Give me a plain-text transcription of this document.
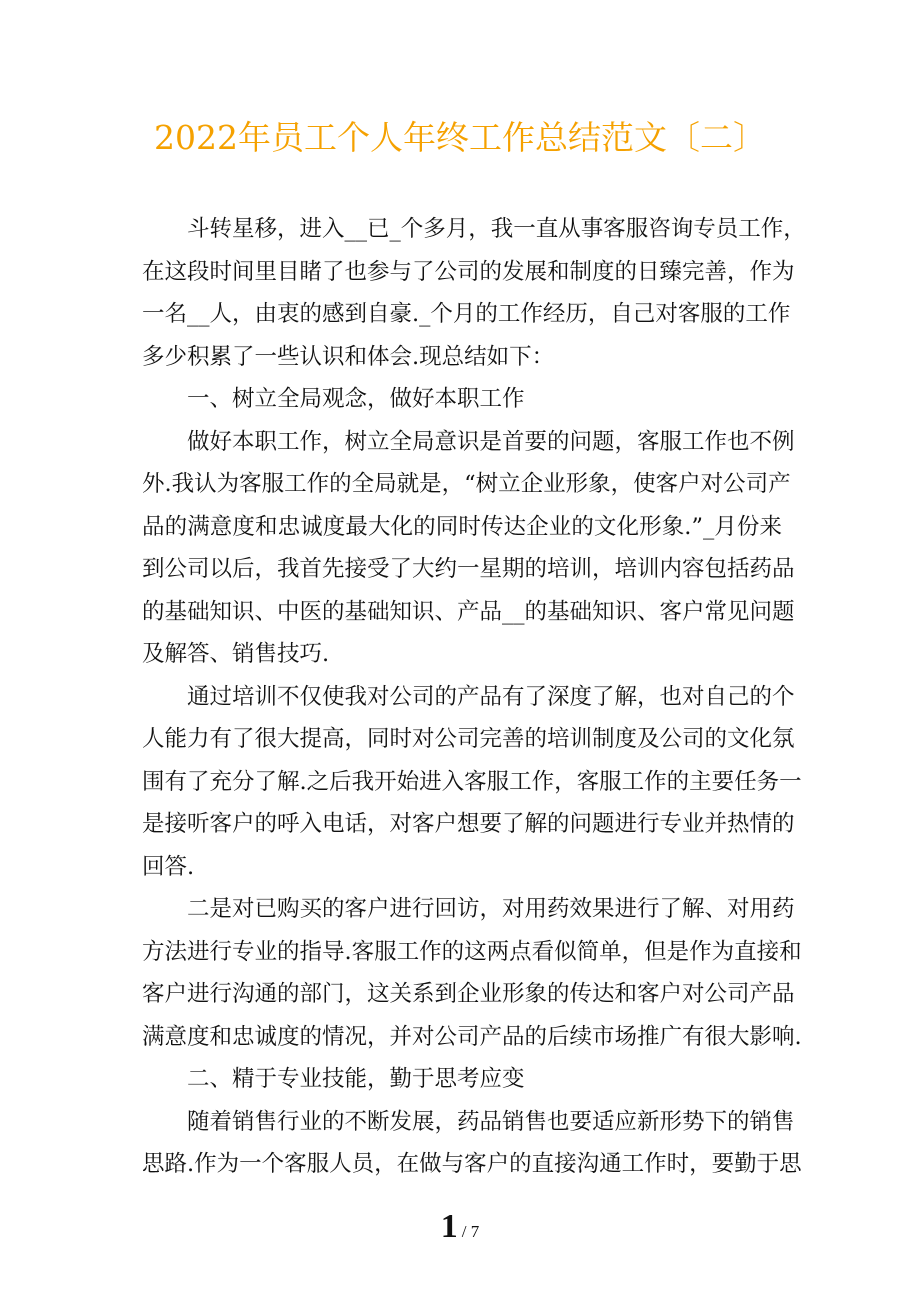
2022年员工个人年终工作总结范文〔二〕
斗转星移，进入__已_个多月，我一直从事客服咨询专员工作，
在这段时间里目睹了也参与了公司的发展和制度的日臻完善，作为
一名__人，由衷的感到自豪._个月的工作经历，自己对客服的工作
多少积累了一些认识和体会.现总结如下：
一、树立全局观念，做好本职工作
做好本职工作，树立全局意识是首要的问题，客服工作也不例
外.我认为客服工作的全局就是，“树立企业形象，使客户对公司产
品的满意度和忠诚度最大化的同时传达企业的文化形象.”_月份来
到公司以后，我首先接受了大约一星期的培训，培训内容包括药品
的基础知识、中医的基础知识、产品__的基础知识、客户常见问题
及解答、销售技巧.
通过培训不仅使我对公司的产品有了深度了解，也对自己的个
人能力有了很大提高，同时对公司完善的培训制度及公司的文化氛
围有了充分了解.之后我开始进入客服工作，客服工作的主要任务一
是接听客户的呼入电话，对客户想要了解的问题进行专业并热情的
回答.
二是对已购买的客户进行回访，对用药效果进行了解、对用药
方法进行专业的指导.客服工作的这两点看似简单，但是作为直接和
客户进行沟通的部门，这关系到企业形象的传达和客户对公司产品
满意度和忠诚度的情况，并对公司产品的后续市场推广有很大影响.
二、精于专业技能，勤于思考应变
随着销售行业的不断发展，药品销售也要适应新形势下的销售
思路.作为一个客服人员，在做与客户的直接沟通工作时，要勤于思
1 / 7
